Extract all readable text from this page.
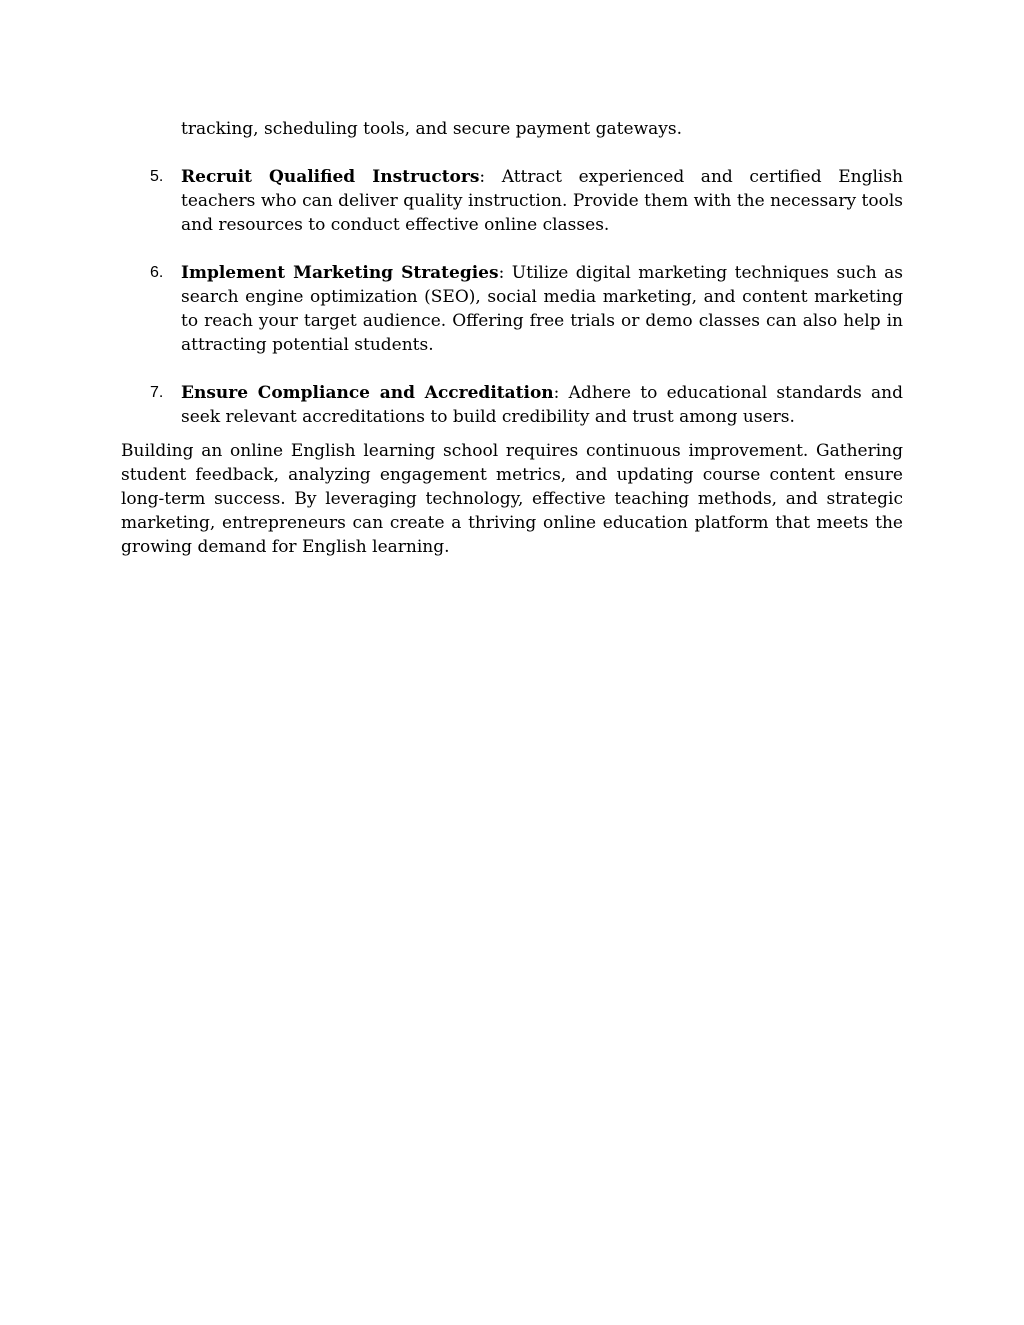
tracking, scheduling tools, and secure payment gateways.

5. Recruit Qualified Instructors: Attract experienced and certified English teachers who can deliver quality instruction. Provide them with the necessary tools and resources to conduct effective online classes.

6. Implement Marketing Strategies: Utilize digital marketing techniques such as search engine optimization (SEO), social media marketing, and content marketing to reach your target audience. Offering free trials or demo classes can also help in attracting potential students.

7. Ensure Compliance and Accreditation: Adhere to educational standards and seek relevant accreditations to build credibility and trust among users.

Building an online English learning school requires continuous improvement. Gathering student feedback, analyzing engagement metrics, and updating course content ensure long-term success. By leveraging technology, effective teaching methods, and strategic marketing, entrepreneurs can create a thriving online education platform that meets the growing demand for English learning.
